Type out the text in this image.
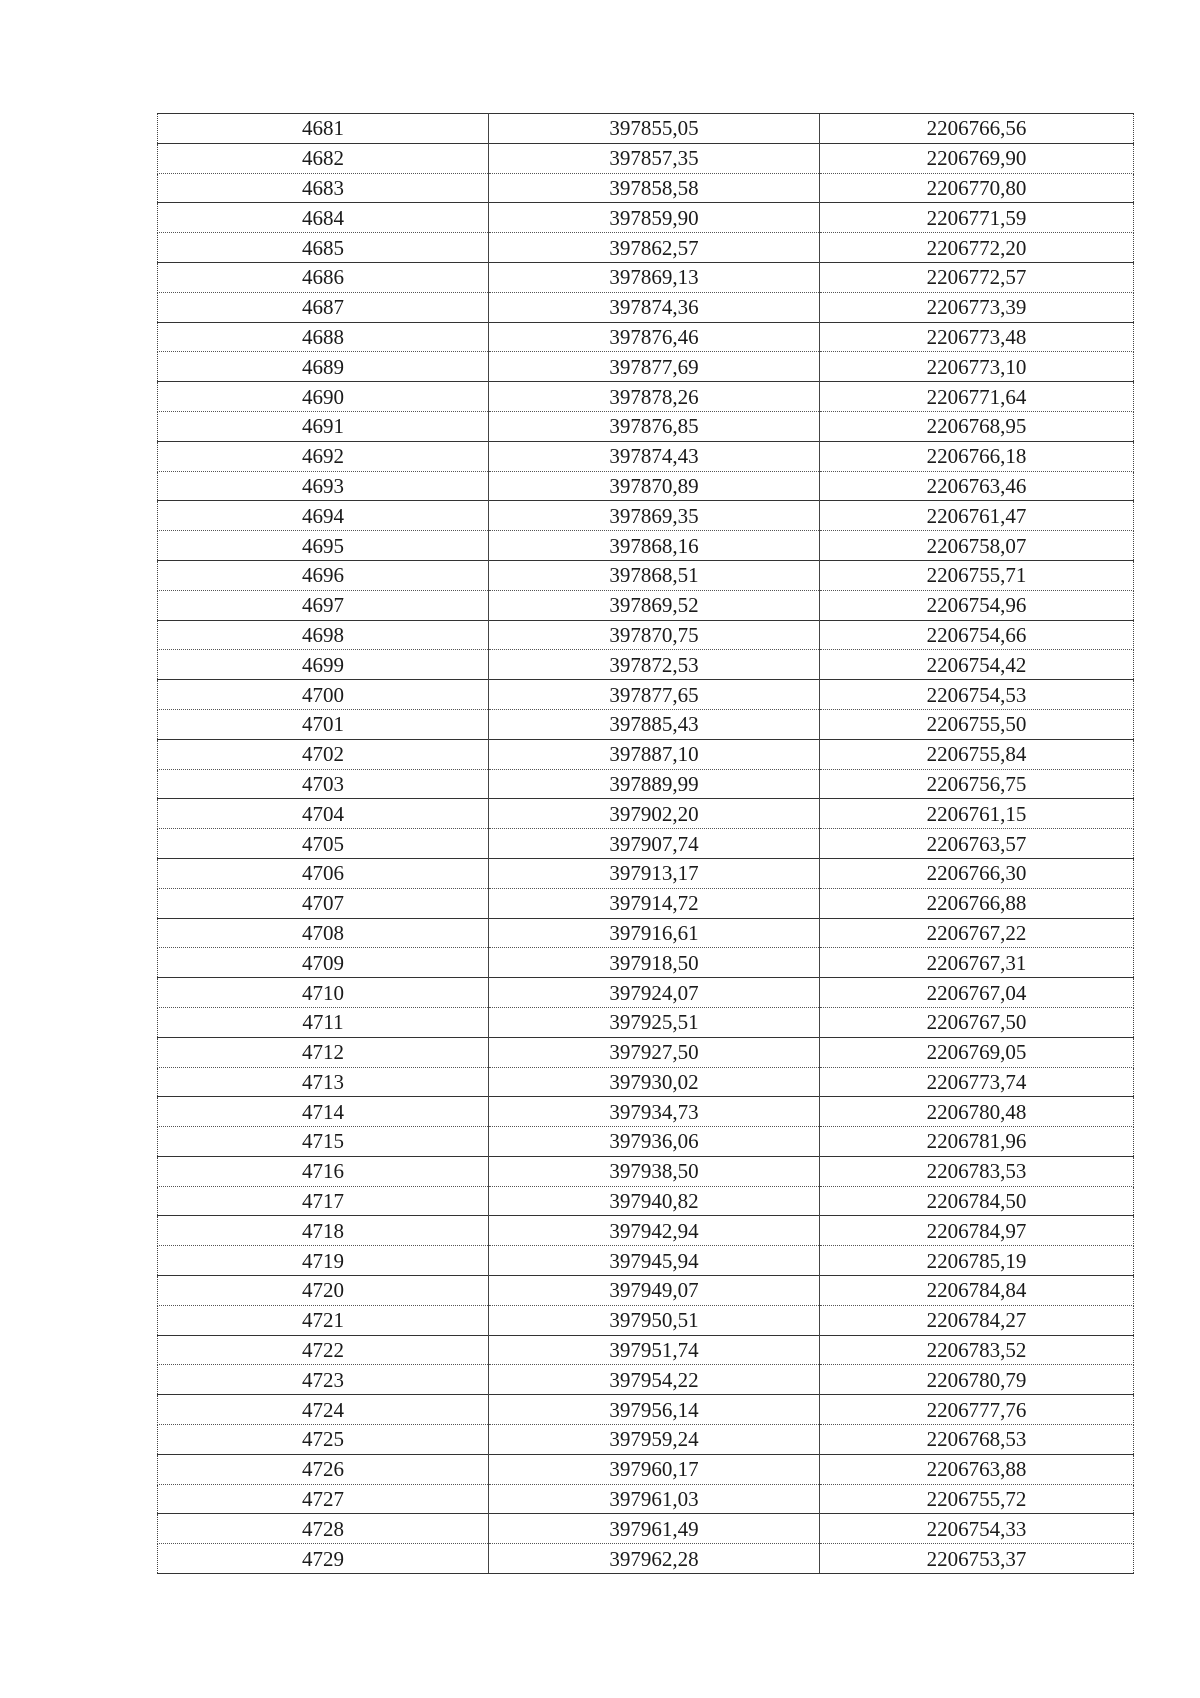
4681	397855,05	2206766,56
4682	397857,35	2206769,90
4683	397858,58	2206770,80
4684	397859,90	2206771,59
4685	397862,57	2206772,20
4686	397869,13	2206772,57
4687	397874,36	2206773,39
4688	397876,46	2206773,48
4689	397877,69	2206773,10
4690	397878,26	2206771,64
4691	397876,85	2206768,95
4692	397874,43	2206766,18
4693	397870,89	2206763,46
4694	397869,35	2206761,47
4695	397868,16	2206758,07
4696	397868,51	2206755,71
4697	397869,52	2206754,96
4698	397870,75	2206754,66
4699	397872,53	2206754,42
4700	397877,65	2206754,53
4701	397885,43	2206755,50
4702	397887,10	2206755,84
4703	397889,99	2206756,75
4704	397902,20	2206761,15
4705	397907,74	2206763,57
4706	397913,17	2206766,30
4707	397914,72	2206766,88
4708	397916,61	2206767,22
4709	397918,50	2206767,31
4710	397924,07	2206767,04
4711	397925,51	2206767,50
4712	397927,50	2206769,05
4713	397930,02	2206773,74
4714	397934,73	2206780,48
4715	397936,06	2206781,96
4716	397938,50	2206783,53
4717	397940,82	2206784,50
4718	397942,94	2206784,97
4719	397945,94	2206785,19
4720	397949,07	2206784,84
4721	397950,51	2206784,27
4722	397951,74	2206783,52
4723	397954,22	2206780,79
4724	397956,14	2206777,76
4725	397959,24	2206768,53
4726	397960,17	2206763,88
4727	397961,03	2206755,72
4728	397961,49	2206754,33
4729	397962,28	2206753,37
